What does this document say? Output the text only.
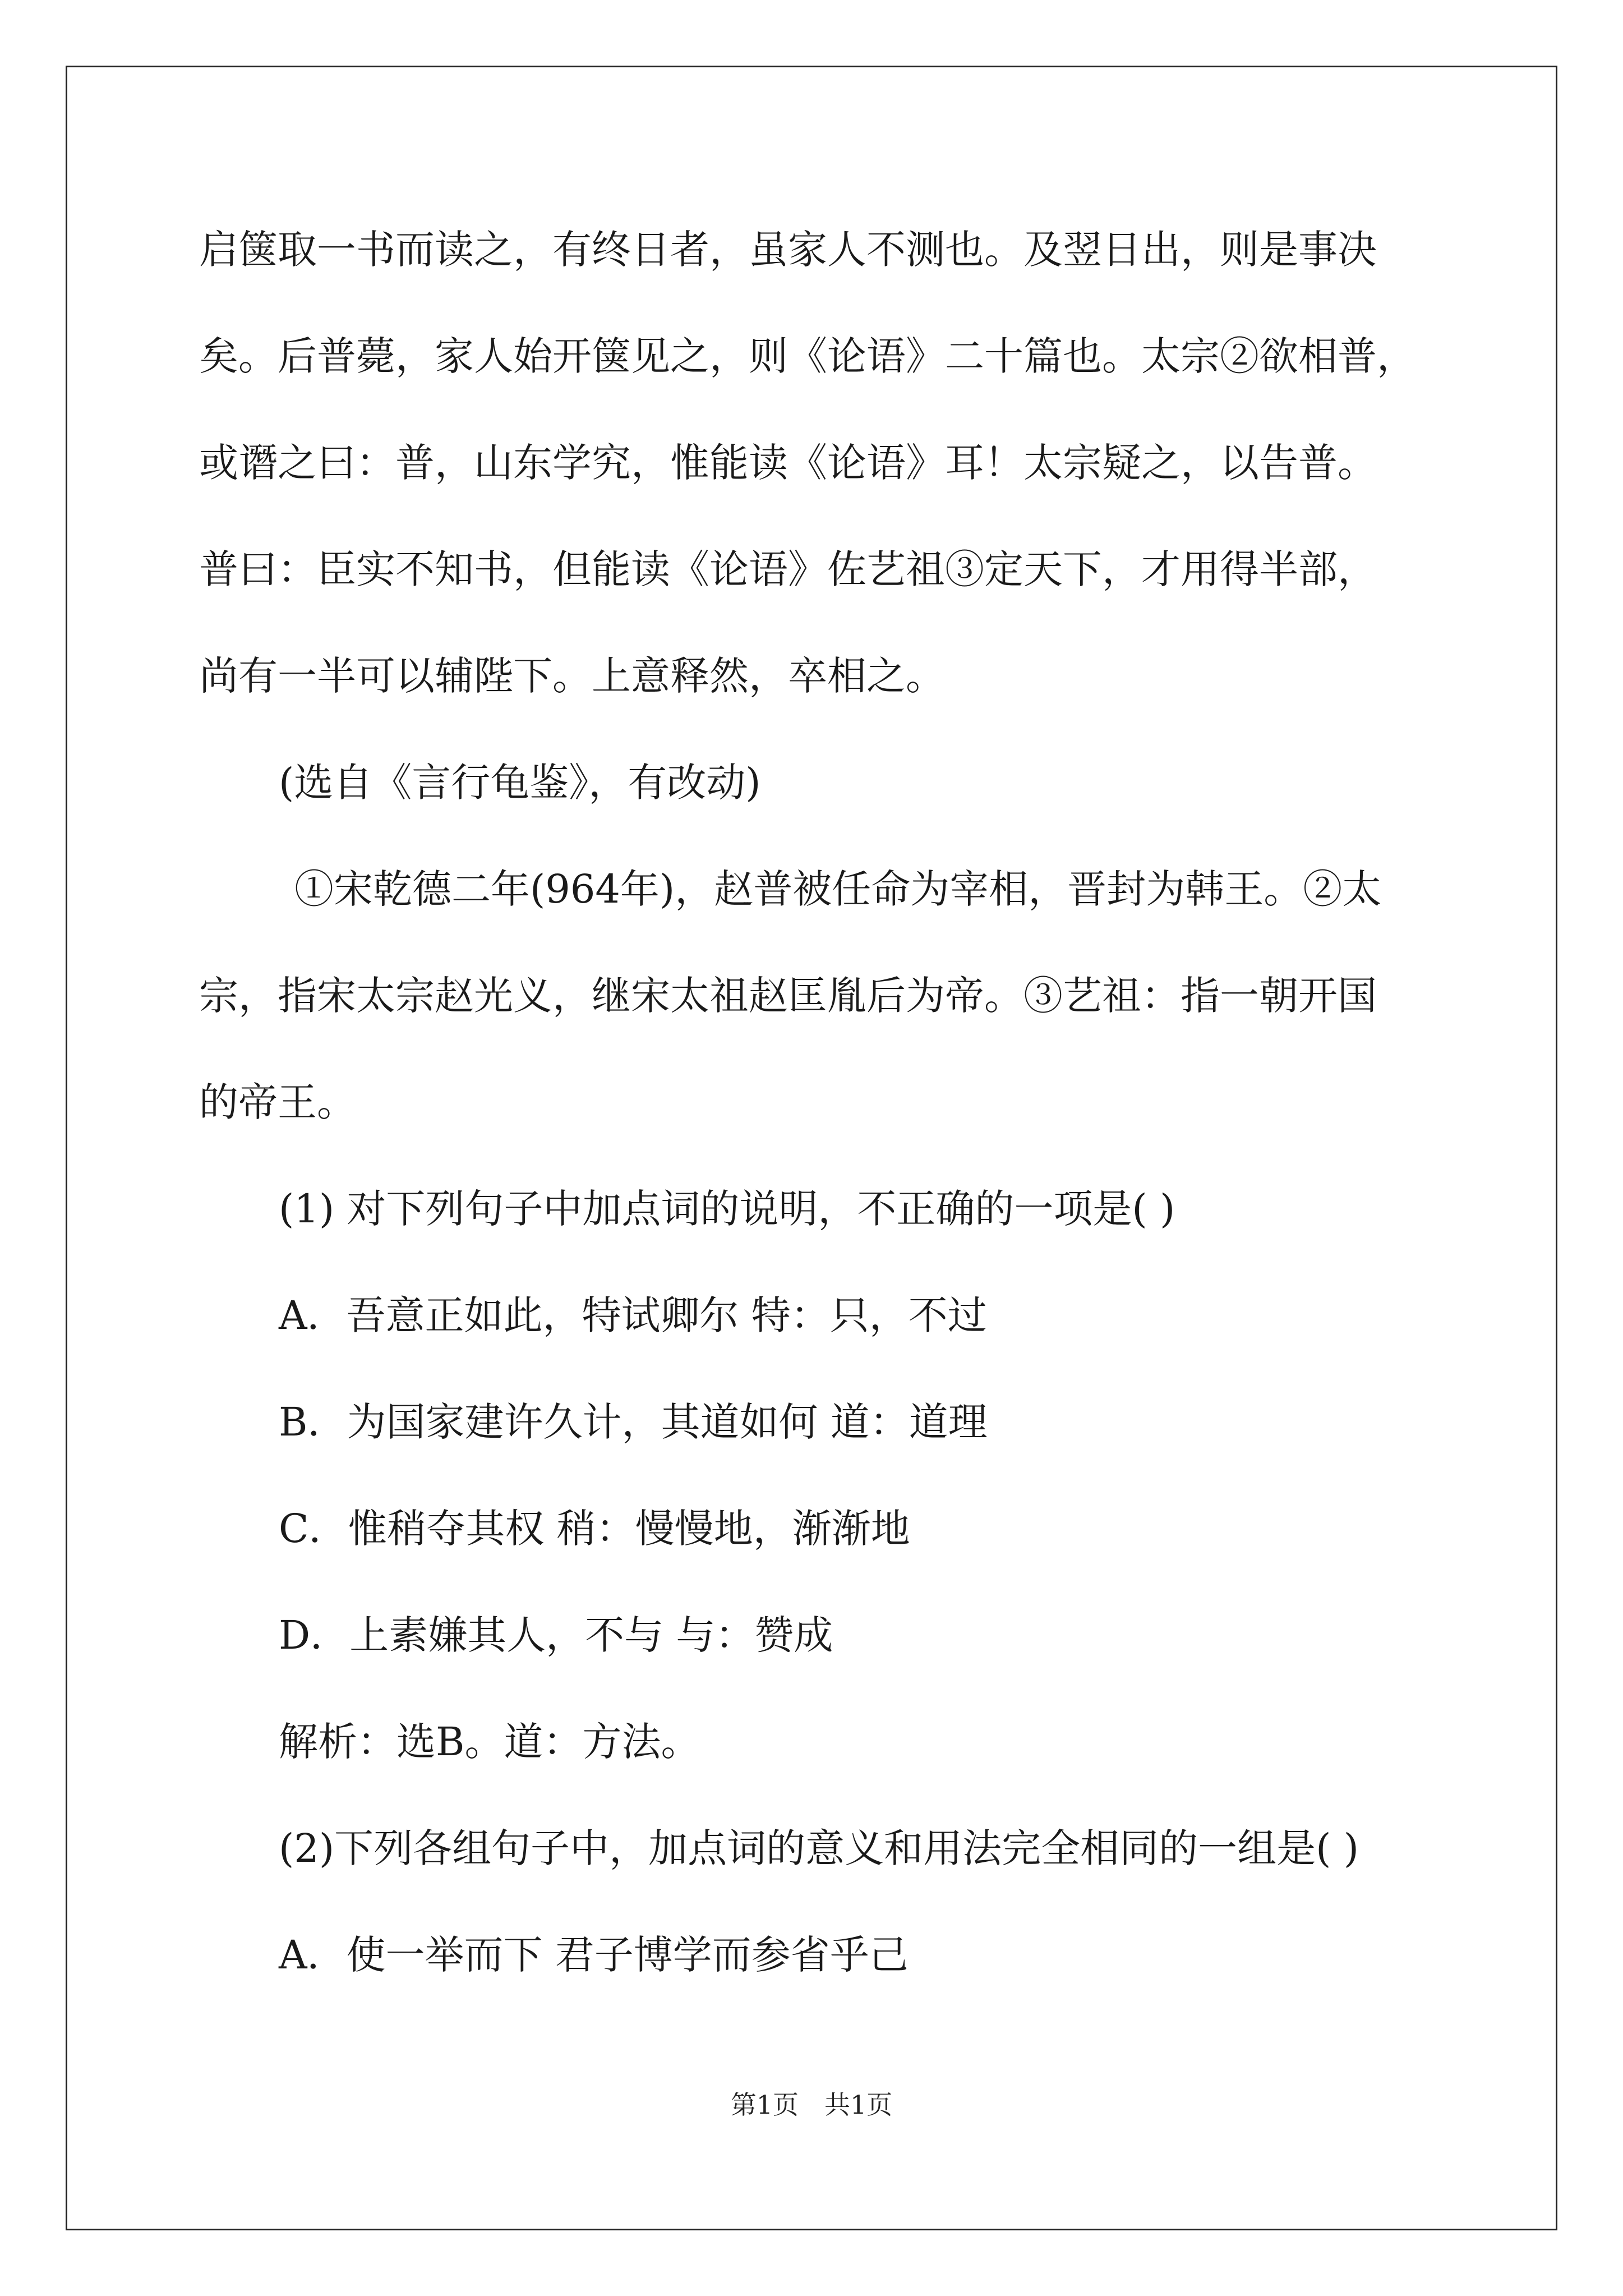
启箧取一书而读之，有终日者，虽家人不测也。及翌日出，则是事决
矣。后普薨，家人始开箧见之，则《论语》二十篇也。太宗②欲相普，
或谮之曰：普，山东学究，惟能读《论语》耳！太宗疑之，以告普。
普曰：臣实不知书，但能读《论语》佐艺祖③定天下，才用得半部，
尚有一半可以辅陛下。上意释然，卒相之。
(选自《言行龟鉴》，有改动)
①宋乾德二年(964年)，赵普被任命为宰相，晋封为韩王。②太
宗，指宋太宗赵光义，继宋太祖赵匡胤后为帝。③艺祖：指一朝开国
的帝王。
(1) 对下列句子中加点词的说明，不正确的一项是( )
A．吾意正如此，特试卿尔 特：只，不过
B．为国家建许久计，其道如何 道：道理
C．惟稍夺其权 稍：慢慢地，渐渐地
D．上素嫌其人，不与 与：赞成
解析：选B。道：方法。
(2)下列各组句子中，加点词的意义和用法完全相同的一组是( )
A．使一举而下 君子博学而参省乎己
第1页　共1页
